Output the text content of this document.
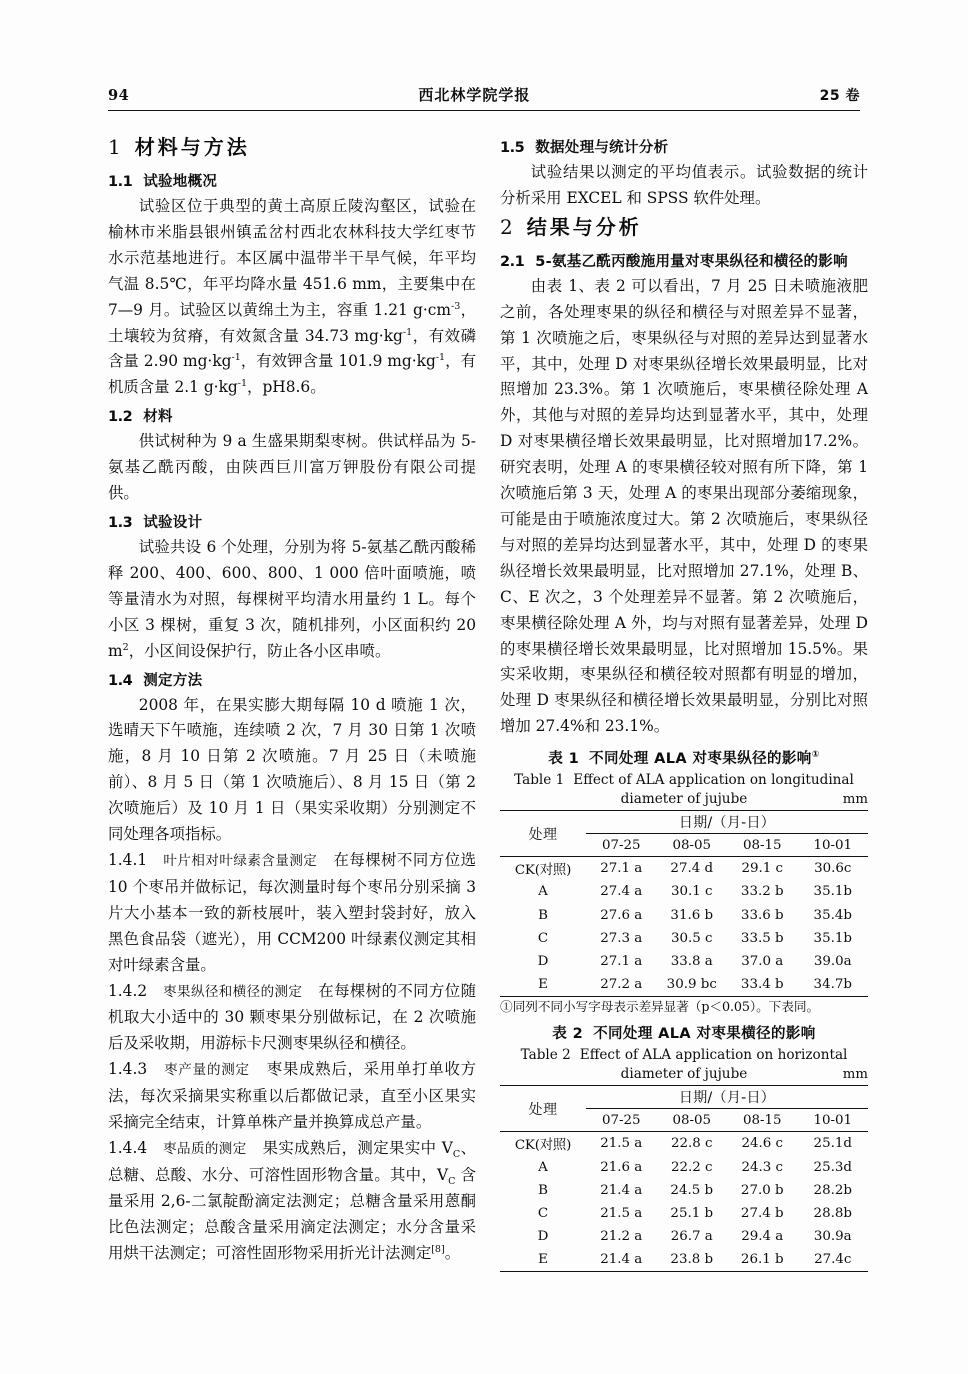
94	西北林学院学报	25 卷
1 材料与方法
1.1 试验地概况

试验区位于典型的黄土高原丘陵沟壑区，试验在榆林市米脂县银州镇孟岔村西北农林科技大学红枣节水示范基地进行。本区属中温带半干旱气候，年平均气温 8.5℃，年平均降水量 451.6 mm，主要集中在 7—9 月。试验区以黄绵土为主，容重 1.21 $g\cdot cm^{-3}$，土壤较为贫瘠，有效氮含量 34.73 $mg\cdot kg^{-1}$，有效磷含量 2.90 $mg\cdot kg^{-1}$，有效钾含量 101.9 $mg\cdot kg^{-1}$，有机质含量 2.1 $g\cdot kg^{-1}$，pH8.6。

1.2 材料

供试树种为 9 a 生盛果期梨枣树。供试样品为 5-氨基乙酰丙酸，由陕西巨川富万钾股份有限公司提供。

1.3 试验设计

试验共设 6 个处理，分别为将 5-氨基乙酰丙酸稀释 200、400、600、800、1 000 倍叶面喷施，喷等量清水为对照，每棵树平均清水用量约 1 L。每个小区 3 棵树，重复 3 次，随机排列，小区面积约 20 $m^2$，小区间设保护行，防止各小区串喷。

1.4 测定方法

2008 年，在果实膨大期每隔 10 d 喷施 1 次，选晴天下午喷施，连续喷 2 次，7 月 30 日第 1 次喷施，8 月 10 日第 2 次喷施。7 月 25 日（未喷施前）、8 月 5 日（第 1 次喷施后）、8 月 15 日（第 2 次喷施后）及 10 月 1 日（果实采收期）分别测定不同处理各项指标。

1.4.1 叶片相对叶绿素含量测定 在每棵树不同方位选 10 个枣吊并做标记，每次测量时每个枣吊分别采摘 3 片大小基本一致的新枝展叶，装入塑封袋封好，放入黑色食品袋（遮光），用 CCM200 叶绿素仪测定其相对叶绿素含量。

1.4.2 枣果纵径和横径的测定 在每棵树的不同方位随机取大小适中的 30 颗枣果分别做标记，在 2 次喷施后及采收期，用游标卡尺测枣果纵径和横径。

1.4.3 枣产量的测定 枣果成熟后，采用单打单收方法，每次采摘果实称重以后都做记录，直至小区果实采摘完全结束，计算单株产量并换算成总产量。

1.4.4 枣品质的测定 果实成熟后，测定果实中 $V_C$、总糖、总酸、水分、可溶性固形物含量。其中，$V_C$ 含量采用 2,6-二氯靛酚滴定法测定；总糖含量采用蒽酮比色法测定；总酸含量采用滴定法测定；水分含量采用烘干法测定；可溶性固形物采用折光计法测定[8]。

1.5 数据处理与统计分析

试验结果以测定的平均值表示。试验数据的统计分析采用 EXCEL 和 SPSS 软件处理。

2 结果与分析
2.1 5-氨基乙酰丙酸施用量对枣果纵径和横径的影响

由表 1、表 2 可以看出，7 月 25 日未喷施液肥之前，各处理枣果的纵径和横径与对照差异不显著，第 1 次喷施之后，枣果纵径与对照的差异达到显著水平，其中，处理 D 对枣果纵径增长效果最明显，比对照增加 23.3%。第 1 次喷施后，枣果横径除处理 A 外，其他与对照的差异均达到显著水平，其中，处理 D 对枣果横径增长效果最明显，比对照增加17.2%。研究表明，处理 A 的枣果横径较对照有所下降，第 1 次喷施后第 3 天，处理 A 的枣果出现部分萎缩现象，可能是由于喷施浓度过大。第 2 次喷施后，枣果纵径与对照的差异均达到显著水平，其中，处理 D 的枣果纵径增长效果最明显，比对照增加 27.1%，处理 B、C、E 次之，3 个处理差异不显著。第 2 次喷施后，枣果横径除处理 A 外，均与对照有显著差异，处理 D 的枣果横径增长效果最明显，比对照增加 15.5%。果实采收期，枣果纵径和横径较对照都有明显的增加，处理 D 枣果纵径和横径增长效果最明显，分别比对照增加 27.4%和 23.1%。

表 1 不同处理 ALA 对枣果纵径的影响①
Table 1 Effect of ALA application on longitudinal
diameter of jujube	mm
处理	日期/（月-日）			
	07-25	08-05	08-15	10-01
CK(对照)	27.1 a	27.4 d	29.1 c	30.6c
A	27.4 a	30.1 c	33.2 b	35.1b
B	27.6 a	31.6 b	33.6 b	35.4b
C	27.3 a	30.5 c	33.5 b	35.1b
D	27.1 a	33.8 a	37.0 a	39.0a
E	27.2 a	30.9 bc	33.4 b	34.7b
①同列不同小写字母表示差异显著（p＜0.05）。下表同。
表 2 不同处理 ALA 对枣果横径的影响
Table 2 Effect of ALA application on horizontal
diameter of jujube	mm
处理	日期/（月-日）			
	07-25	08-05	08-15	10-01
CK(对照)	21.5 a	22.8 c	24.6 c	25.1d
A	21.6 a	22.2 c	24.3 c	25.3d
B	21.4 a	24.5 b	27.0 b	28.2b
C	21.5 a	25.1 b	27.4 b	28.8b
D	21.2 a	26.7 a	29.4 a	30.9a
E	21.4 a	23.8 b	26.1 b	27.4c
